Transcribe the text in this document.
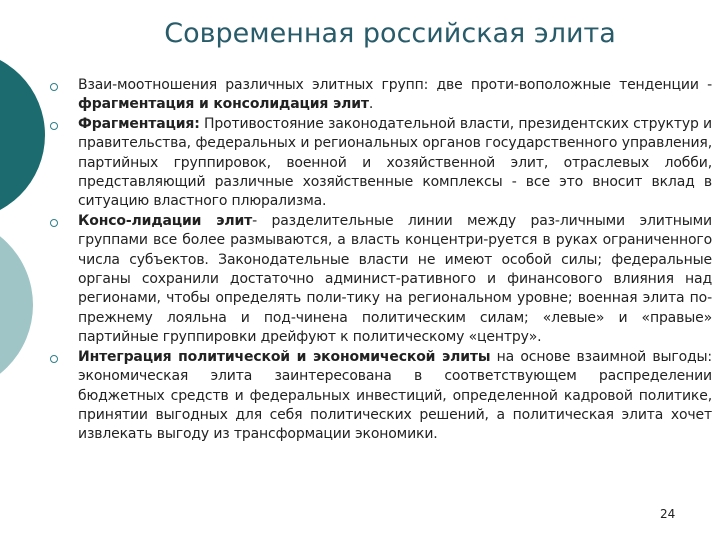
Современная российская элита
Взаи-моотношения различных элитных групп: две проти-воположные тенденции - фрагментация и консолидация элит.
Фрагментация: Противостояние законодательной власти, президентских структур и правительства, федеральных и региональных органов государственного управления, партийных группировок, военной и хозяйственной элит, отраслевых лобби, представляющий различные хозяйственные комплексы - все это вносит вклад в ситуацию властного плюрализма.
Консо-лидации элит- разделительные линии между раз-личными элитными группами все более размываются, а власть концентри-руется в руках ограниченного числа субъектов. Законодательные власти не имеют особой силы; федеральные органы сохранили достаточно админист-ративного и финансового влияния над регионами, чтобы определять поли-тику на региональном уровне; военная элита по-прежнему лояльна и под-чинена политическим силам; «левые» и «правые» партийные группировки дрейфуют к политическому «центру».
Интеграция политической и экономической элиты на основе взаимной выгоды: экономическая элита заинтересована в соответствующем распределении бюджетных средств и федеральных инвестиций, определенной кадровой политике, принятии выгодных для себя политических решений, а политическая элита хочет извлекать выгоду из трансформации экономики.
24
